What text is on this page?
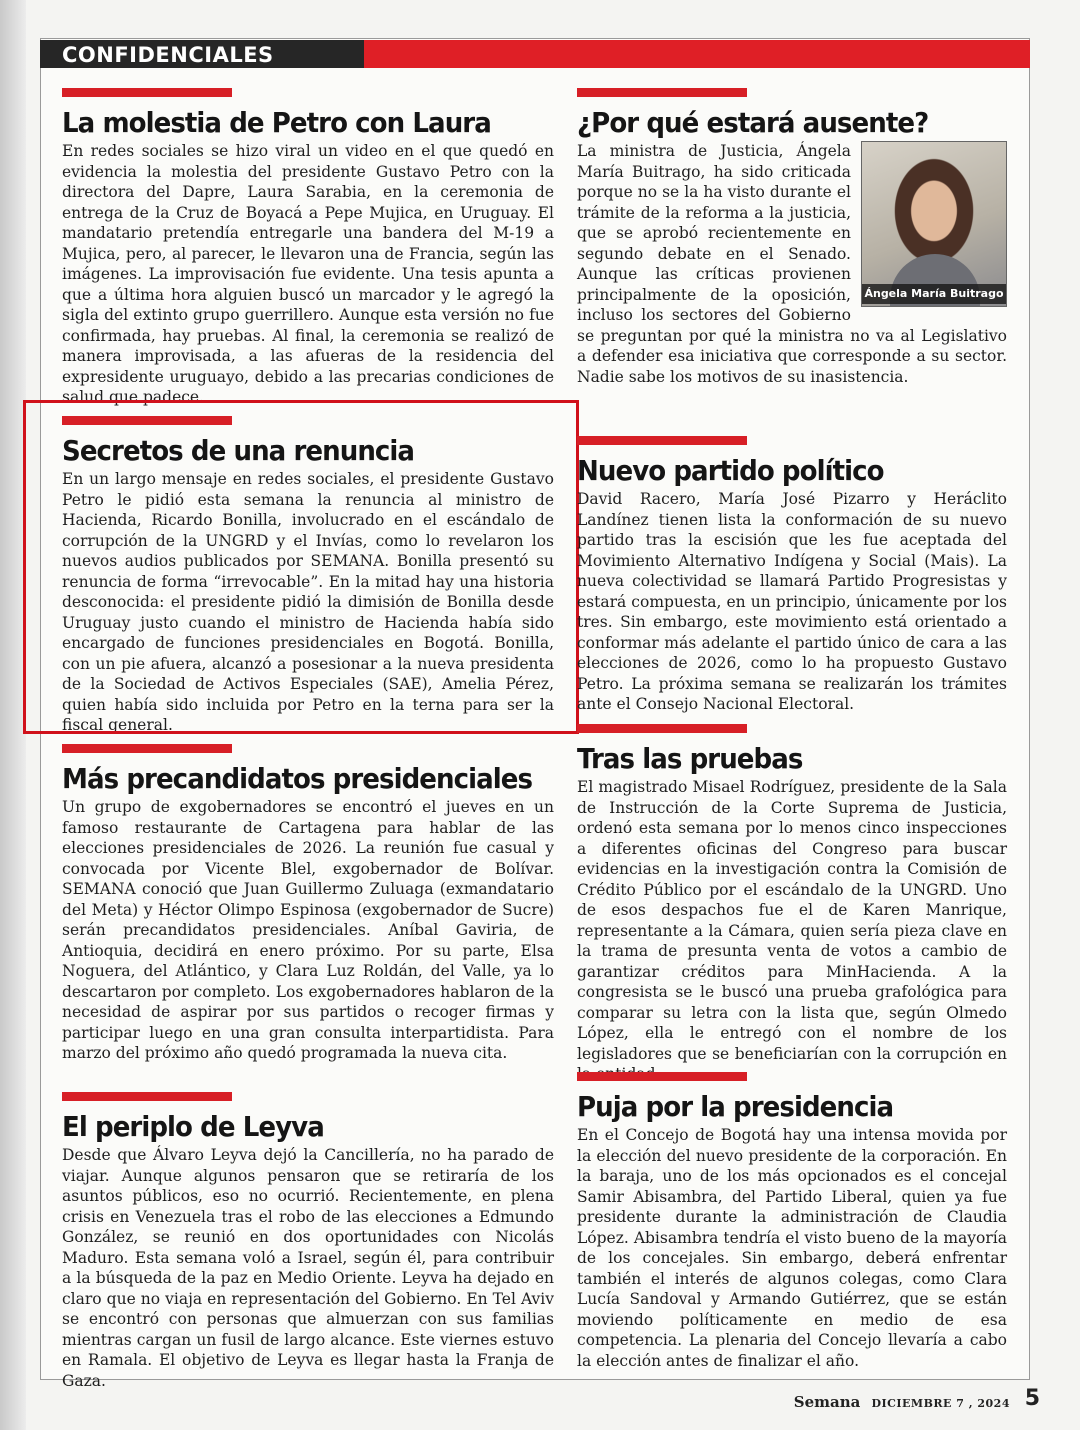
CONFIDENCIALES
La molestia de Petro con Laura

En redes sociales se hizo viral un video en el que quedó en evidencia la molestia del presidente Gustavo Petro con la directora del Dapre, Laura Sarabia, en la ceremonia de entrega de la Cruz de Boyacá a Pepe Mujica, en Uruguay. El mandatario pretendía entregarle una bandera del M-19 a Mujica, pero, al parecer, le llevaron una de Francia, según las imágenes. La improvisación fue evidente. Una tesis apunta a que a última hora alguien buscó un marcador y le agregó la sigla del extinto grupo guerrillero. Aunque esta versión no fue confirmada, hay pruebas. Al final, la ceremonia se realizó de manera improvisada, a las afueras de la residencia del expresidente uruguayo, debido a las precarias condiciones de salud que padece.

Secretos de una renuncia

En un largo mensaje en redes sociales, el presidente Gustavo Petro le pidió esta semana la renuncia al ministro de Hacienda, Ricardo Bonilla, involucrado en el escándalo de corrupción de la UNGRD y el Invías, como lo revelaron los nuevos audios publicados por SEMANA. Bonilla presentó su renuncia de forma “irrevocable”. En la mitad hay una historia desconocida: el presidente pidió la dimisión de Bonilla desde Uruguay justo cuando el ministro de Hacienda había sido encargado de funciones presidenciales en Bogotá. Bonilla, con un pie afuera, alcanzó a posesionar a la nueva presidenta de la Sociedad de Activos Especiales (SAE), Amelia Pérez, quien había sido incluida por Petro en la terna para ser la fiscal general.

Más precandidatos presidenciales

Un grupo de exgobernadores se encontró el jueves en un famoso restaurante de Cartagena para hablar de las elecciones presidenciales de 2026. La reunión fue casual y convocada por Vicente Blel, exgobernador de Bolívar. SEMANA conoció que Juan Guillermo Zuluaga (exmandatario del Meta) y Héctor Olimpo Espinosa (exgobernador de Sucre) serán precandidatos presidenciales. Aníbal Gaviria, de Antioquia, decidirá en enero próximo. Por su parte, Elsa Noguera, del Atlántico, y Clara Luz Roldán, del Valle, ya lo descartaron por completo. Los exgobernadores hablaron de la necesidad de aspirar por sus partidos o recoger firmas y participar luego en una gran consulta interpartidista. Para marzo del próximo año quedó programada la nueva cita.

El periplo de Leyva

Desde que Álvaro Leyva dejó la Cancillería, no ha parado de viajar. Aunque algunos pensaron que se retiraría de los asuntos públicos, eso no ocurrió. Recientemente, en plena crisis en Venezuela tras el robo de las elecciones a Edmundo González, se reunió en dos oportunidades con Nicolás Maduro. Esta semana voló a Israel, según él, para contribuir a la búsqueda de la paz en Medio Oriente. Leyva ha dejado en claro que no viaja en representación del Gobierno. En Tel Aviv se encontró con personas que almuerzan con sus familias mientras cargan un fusil de largo alcance. Este viernes estuvo en Ramala. El objetivo de Leyva es llegar hasta la Franja de Gaza.

¿Por qué estará ausente?
Ángela María Buitrago

La ministra de Justicia, Ángela María Buitrago, ha sido criticada porque no se la ha visto durante el trámite de la reforma a la justicia, que se aprobó recientemente en segundo debate en el Senado. Aunque las críticas provienen principalmente de la oposición, incluso los sectores del Gobierno se preguntan por qué la ministra no va al Legislativo a defender esa iniciativa que corresponde a su sector. Nadie sabe los motivos de su inasistencia.

Nuevo partido político

David Racero, María José Pizarro y Heráclito Landínez tienen lista la conformación de su nuevo partido tras la escisión que les fue aceptada del Movimiento Alternativo Indígena y Social (Mais). La nueva colectividad se llamará Partido Progresistas y estará compuesta, en un principio, únicamente por los tres. Sin embargo, este movimiento está orientado a conformar más adelante el partido único de cara a las elecciones de 2026, como lo ha propuesto Gustavo Petro. La próxima semana se realizarán los trámites ante el Consejo Nacional Electoral.

Tras las pruebas

El magistrado Misael Rodríguez, presidente de la Sala de Instrucción de la Corte Suprema de Justicia, ordenó esta semana por lo menos cinco inspecciones a diferentes oficinas del Congreso para buscar evidencias en la investigación contra la Comisión de Crédito Público por el escándalo de la UNGRD. Uno de esos despachos fue el de Karen Manrique, representante a la Cámara, quien sería pieza clave en la trama de presunta venta de votos a cambio de garantizar créditos para MinHacienda. A la congresista se le buscó una prueba grafológica para comparar su letra con la lista que, según Olmedo López, ella le entregó con el nombre de los legisladores que se beneficiarían con la corrupción en

Puja por la presidencia

En el Concejo de Bogotá hay una intensa movida por la elección del nuevo presidente de la corporación. En la baraja, uno de los más opcionados es el concejal Samir Abisambra, del Partido Liberal, quien ya fue presidente durante la administración de Claudia López. Abisambra tendría el visto bueno de la mayoría de los concejales. Sin embargo, deberá enfrentar también el interés de algunos colegas, como Clara Lucía Sandoval y Armando Gutiérrez, que se están moviendo políticamente en medio de esa competencia. La plenaria del Concejo llevaría a cabo la elección antes de finalizar el año.

Semana DICIEMBRE 7 , 2024 5
